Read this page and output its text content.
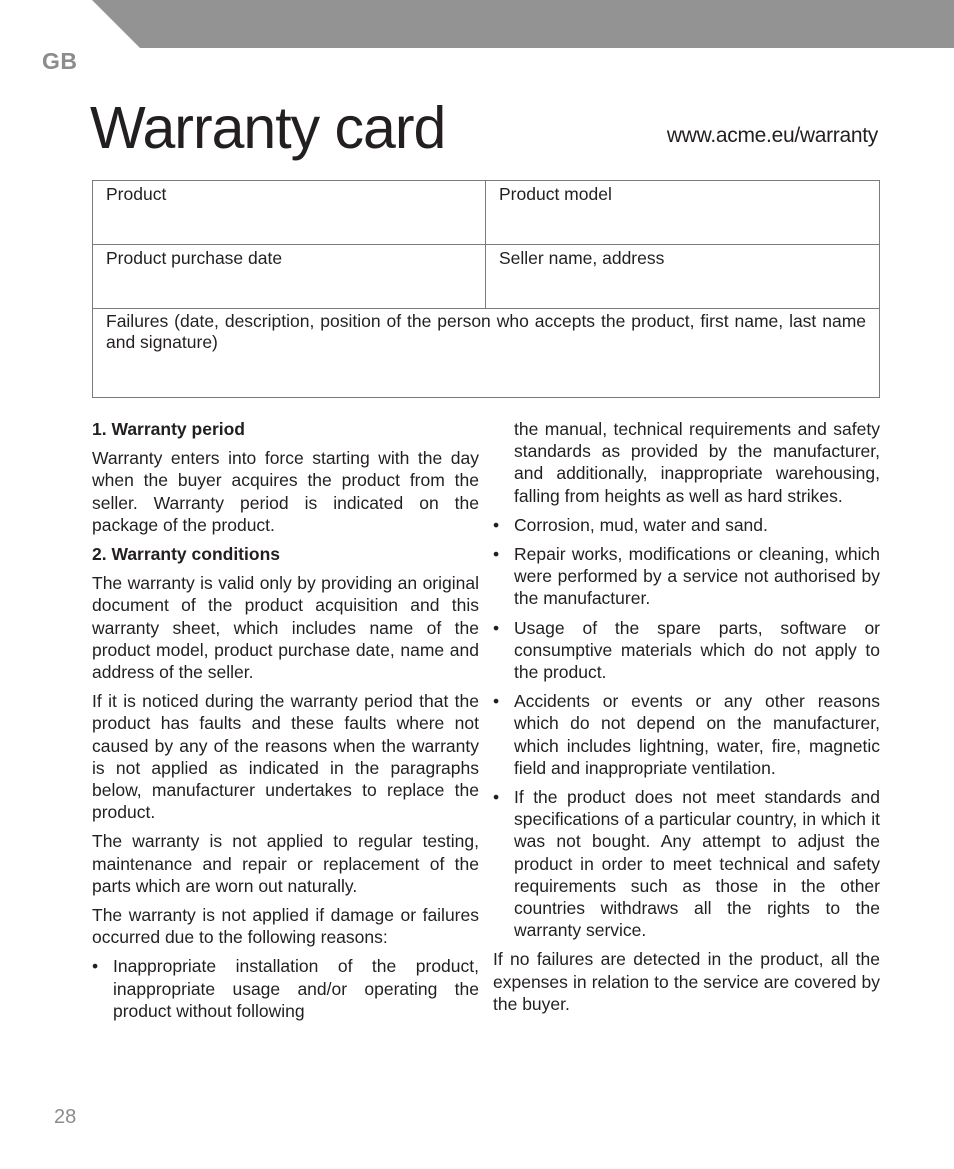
GB
Warranty card	www.acme.eu/warranty
Product	Product model
Product purchase date	Seller name, address
Failures (date, description, position of the person who accepts the product, first name, last name and signature)
1. Warranty period

Warranty enters into force starting with the day when the buyer acquires the product from the seller. Warranty period is indicated on the package of the product.

2. Warranty conditions

The warranty is valid only by providing an original document of the product acquisition and this warranty sheet, which includes name of the product model, product purchase date, name and address of the seller.

If it is noticed during the warranty period that the product has faults and these faults where not caused by any of the reasons when the warranty is not applied as indicated in the paragraphs below, manufacturer undertakes to replace the product.

The warranty is not applied to regular testing, maintenance and repair or replacement of the parts which are worn out naturally.

The warranty is not applied if damage or failures occurred due to the following reasons:

• Inappropriate installation of the product, inappropriate usage and/or operating the product without following
the manual, technical requirements and safety standards as provided by the manufacturer, and additionally, inappropriate warehousing, falling from heights as well as hard strikes.
• Corrosion, mud, water and sand.
• Repair works, modifications or cleaning, which were performed by a service not authorised by the manufacturer.
• Usage of the spare parts, software or consumptive materials which do not apply to the product.
• Accidents or events or any other reasons which do not depend on the manufacturer, which includes lightning, water, fire, magnetic field and inappropriate ventilation.
• If the product does not meet standards and specifications of a particular country, in which it was not bought. Any attempt to adjust the product in order to meet technical and safety requirements such as those in the other countries withdraws all the rights to the warranty service.

If no failures are detected in the product, all the expenses in relation to the service are covered by the buyer.

28
